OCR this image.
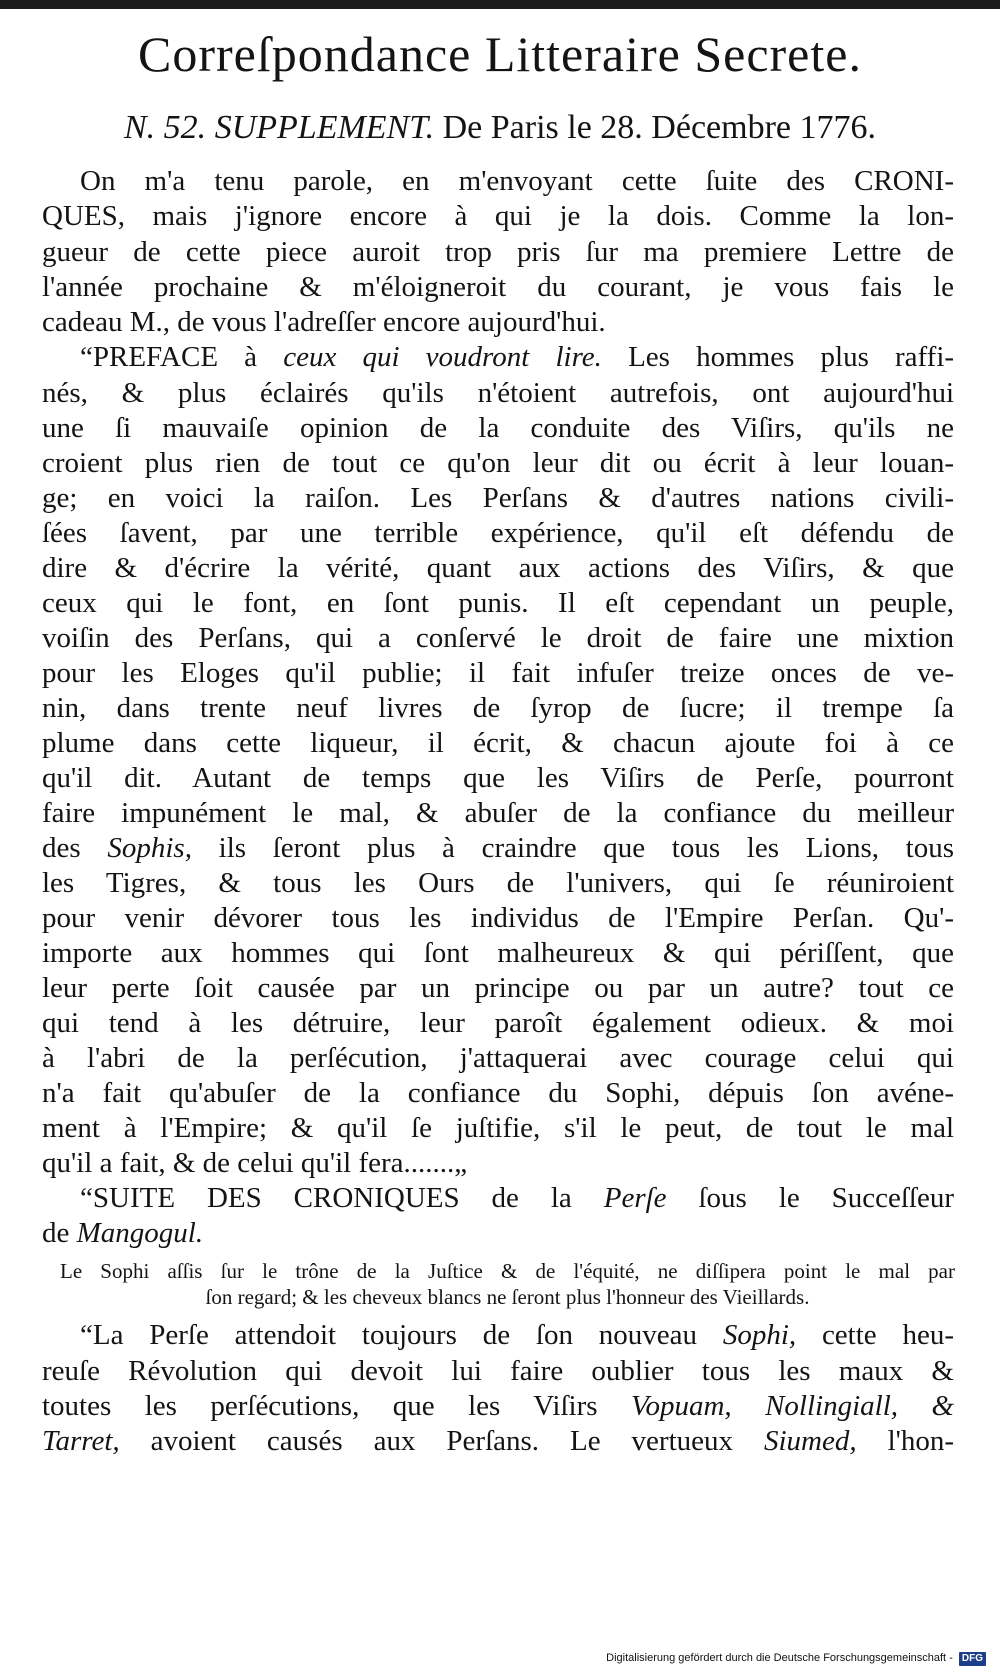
Correſpondance Litteraire Secrete.
N. 52. SUPPLEMENT. De Paris le 28. Décembre 1776.
On m'a tenu parole, en m'envoyant cette ſuite des CRONI-
QUES, mais j'ignore encore à qui je la dois. Comme la lon-
gueur de cette piece auroit trop pris ſur ma premiere Lettre de
l'année prochaine & m'éloigneroit du courant, je vous fais le
cadeau M., de vous l'adreſſer encore aujourd'hui.
“PREFACE à ceux qui voudront lire. Les hommes plus raffi-
nés, & plus éclairés qu'ils n'étoient autrefois, ont aujourd'hui
une ſi mauvaiſe opinion de la conduite des Viſirs, qu'ils ne
croient plus rien de tout ce qu'on leur dit ou écrit à leur louan-
ge; en voici la raiſon. Les Perſans & d'autres nations civili-
ſées ſavent, par une terrible expérience, qu'il eſt défendu de
dire & d'écrire la vérité, quant aux actions des Viſirs, & que
ceux qui le font, en ſont punis. Il eſt cependant un peuple,
voiſin des Perſans, qui a conſervé le droit de faire une mixtion
pour les Eloges qu'il publie; il fait infuſer treize onces de ve-
nin, dans trente neuf livres de ſyrop de ſucre; il trempe ſa
plume dans cette liqueur, il écrit, & chacun ajoute foi à ce
qu'il dit. Autant de temps que les Viſirs de Perſe, pourront
faire impunément le mal, & abuſer de la confiance du meilleur
des Sophis, ils ſeront plus à craindre que tous les Lions, tous
les Tigres, & tous les Ours de l'univers, qui ſe réuniroient
pour venir dévorer tous les individus de l'Empire Perſan. Qu'-
importe aux hommes qui ſont malheureux & qui périſſent, que
leur perte ſoit causée par un principe ou par un autre? tout ce
qui tend à les détruire, leur paroît également odieux. & moi
à l'abri de la perſécution, j'attaquerai avec courage celui qui
n'a fait qu'abuſer de la confiance du Sophi, dépuis ſon avéne-
ment à l'Empire; & qu'il ſe juſtifie, s'il le peut, de tout le mal
qu'il a fait, & de celui qu'il fera.......„
“SUITE DES CRONIQUES de la Perſe ſous le Succeſſeur
de Mangogul.
Le Sophi aſſis ſur le trône de la Juſtice & de l'équité, ne diſſipera point le mal par
ſon regard; & les cheveux blancs ne ſeront plus l'honneur des Vieillards.
“La Perſe attendoit toujours de ſon nouveau Sophi, cette heu-
reuſe Révolution qui devoit lui faire oublier tous les maux &
toutes les perſécutions, que les Viſirs Vopuam, Nollingiall, &
Tarret, avoient causés aux Perſans. Le vertueux Siumed, l'hon-
Digitalisierung gefördert durch die Deutsche Forschungsgemeinschaft - DFG
